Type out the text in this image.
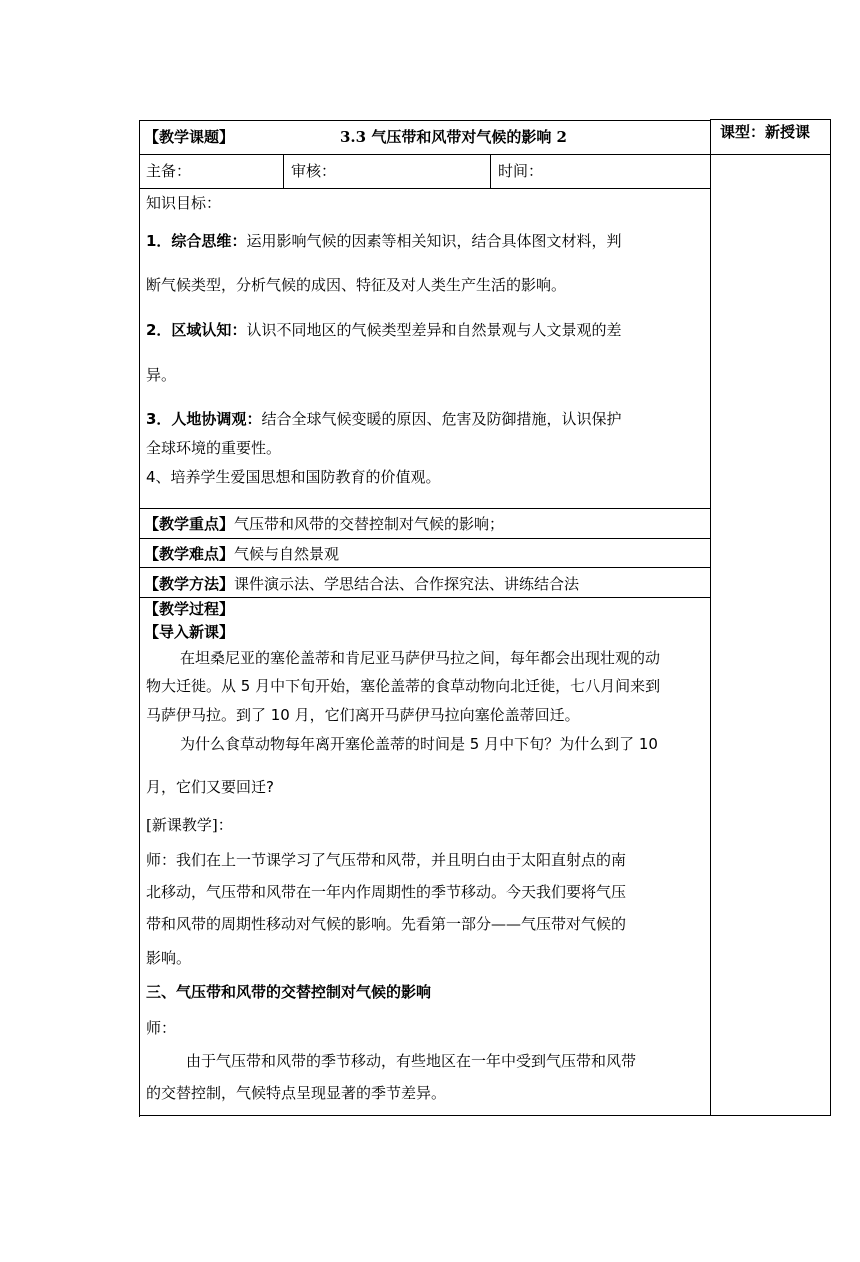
【教学课题】	3.3 气压带和风带对气候的影响 2	课型：新授课
主备：	审核：	时间：
知识目标：
1．综合思维：运用影响气候的因素等相关知识，结合具体图文材料，判
断气候类型，分析气候的成因、特征及对人类生产生活的影响。
2．区域认知：认识不同地区的气候类型差异和自然景观与人文景观的差
异。
3．人地协调观：结合全球气候变暖的原因、危害及防御措施，认识保护
全球环境的重要性。
4、培养学生爱国思想和国防教育的价值观。
【教学重点】气压带和风带的交替控制对气候的影响；
【教学难点】气候与自然景观
【教学方法】课件演示法、学思结合法、合作探究法、讲练结合法
【教学过程】
【导入新课】
在坦桑尼亚的塞伦盖蒂和肯尼亚马萨伊马拉之间，每年都会出现壮观的动
物大迁徙。从 5 月中下旬开始，塞伦盖蒂的食草动物向北迁徙，七八月间来到
马萨伊马拉。到了 10 月，它们离开马萨伊马拉向塞伦盖蒂回迁。
为什么食草动物每年离开塞伦盖蒂的时间是 5 月中下旬？为什么到了 10
月，它们又要回迁?
[新课教学]：
师：我们在上一节课学习了气压带和风带，并且明白由于太阳直射点的南
北移动，气压带和风带在一年内作周期性的季节移动。今天我们要将气压
带和风带的周期性移动对气候的影响。先看第一部分——气压带对气候的
影响。
三、气压带和风带的交替控制对气候的影响
师：
由于气压带和风带的季节移动，有些地区在一年中受到气压带和风带
的交替控制，气候特点呈现显著的季节差异。
